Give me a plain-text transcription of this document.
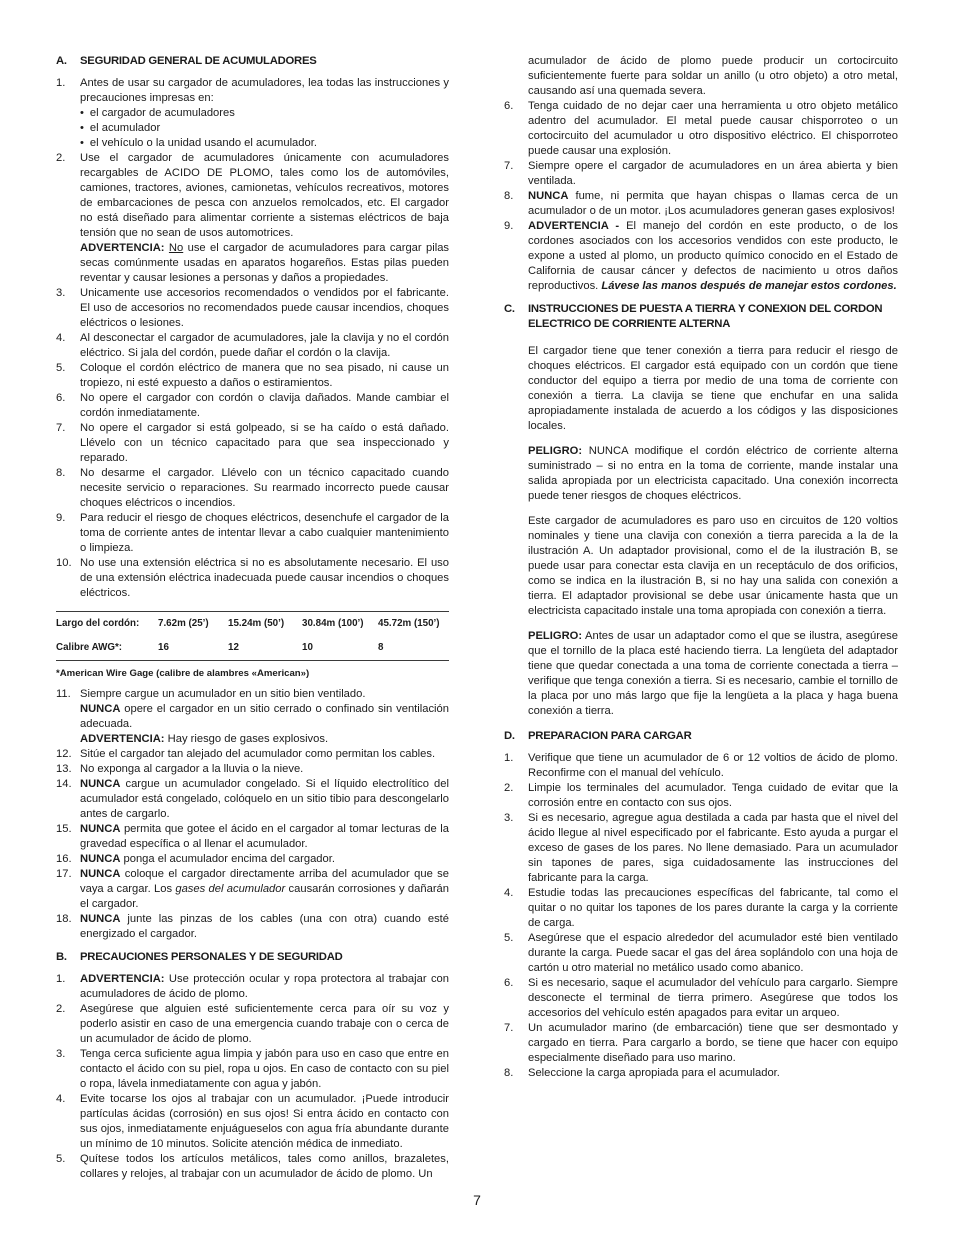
A.	SEGURIDAD GENERAL DE ACUMULADORES
1.	Antes de usar su cargador de acumuladores, lea todas las instrucciones y precauciones impresas en:
• el cargador de acumuladores
• el acumulador
• el vehículo o la unidad usando el acumulador.
2.	Use el cargador de acumuladores únicamente con acumuladores recargables de ACIDO DE PLOMO, tales como los de automóviles, camiones, tractores, aviones, camionetas, vehículos recreativos, motores de embarcaciones de pesca con anzuelos remolcados, etc. El cargador no está diseñado para alimentar corriente a sistemas eléctricos de baja tensión que no sean de usos automotrices.
ADVERTENCIA: No use el cargador de acumuladores para cargar pilas secas comúnmente usadas en aparatos hogareños. Estas pilas pueden reventar y causar lesiones a personas y daños a propiedades.
3.	Unicamente use accesorios recomendados o vendidos por el fabricante. El uso de accesorios no recomendados puede causar incendios, choques eléctricos o lesiones.
4.	Al desconectar el cargador de acumuladores, jale la clavija y no el cordón eléctrico. Si jala del cordón, puede dañar el cordón o la clavija.
5.	Coloque el cordón eléctrico de manera que no sea pisado, ni cause un tropiezo, ni esté expuesto a daños o estiramientos.
6.	No opere el cargador con cordón o clavija dañados. Mande cambiar el cordón inmediatamente.
7.	No opere el cargador si está golpeado, si se ha caído o está dañado. Llévelo con un técnico capacitado para que sea inspeccionado y reparado.
8.	No desarme el cargador. Llévelo con un técnico capacitado cuando necesite servicio o reparaciones. Su rearmado incorrecto puede causar choques eléctricos o incendios.
9.	Para reducir el riesgo de choques eléctricos, desenchufe el cargador de la toma de corriente antes de intentar llevar a cabo cualquier mantenimiento o limpieza.
10. No use una extensión eléctrica si no es absolutamente necesario. El uso de una extensión eléctrica inadecuada puede causar incendios o choques eléctricos.
Largo del cordón:	7.62m (25’)	15.24m (50’)	30.84m (100’)	45.72m (150’)
Calibre AWG*:	16	12	10	8
*American Wire Gage (calibre de alambres «American»)
11. Siempre cargue un acumulador en un sitio bien ventilado.
NUNCA opere el cargador en un sitio cerrado o confinado sin ventilación adecuada.
ADVERTENCIA: Hay riesgo de gases explosivos.
12. Sitúe el cargador tan alejado del acumulador como permitan los cables.
13. No exponga al cargador a la lluvia o la nieve.
14. NUNCA cargue un acumulador congelado. Si el líquido electrolítico del acumulador está congelado, colóquelo en un sitio tibio para descongelarlo antes de cargarlo.
15. NUNCA permita que gotee el ácido en el cargador al tomar lecturas de la gravedad específica o al llenar el acumulador.
16. NUNCA ponga el acumulador encima del cargador.
17. NUNCA coloque el cargador directamente arriba del acumulador que se vaya a cargar. Los gases del acumulador causarán corrosiones y dañarán el cargador.
18. NUNCA junte las pinzas de los cables (una con otra) cuando esté energizado el cargador.
B.	PRECAUCIONES PERSONALES Y DE SEGURIDAD
1.	ADVERTENCIA: Use protección ocular y ropa protectora al trabajar con acumuladores de ácido de plomo.
2.	Asegúrese que alguien esté suficientemente cerca para oír su voz y poderlo asistir en caso de una emergencia cuando trabaje con o cerca de un acumulador de ácido de plomo.
3.	Tenga cerca suficiente agua limpia y jabón para uso en caso que entre en contacto el ácido con su piel, ropa u ojos. En caso de contacto con su piel o ropa, lávela inmediatamente con agua y jabón.
4.	Evite tocarse los ojos al trabajar con un acumulador. ¡Puede introducir partículas ácidas (corrosión) en sus ojos! Si entra ácido en contacto con sus ojos, inmediatamente enjuágueselos con agua fría abundante durante un mínimo de 10 minutos. Solicite atención médica de inmediato.
5.	Quítese todos los artículos metálicos, tales como anillos, brazaletes, collares y relojes, al trabajar con un acumulador de ácido de plomo. Un
acumulador de ácido de plomo puede producir un cortocircuito suficientemente fuerte para soldar un anillo (u otro objeto) a otro metal, causando así una quemada severa.
6.	Tenga cuidado de no dejar caer una herramienta u otro objeto metálico adentro del acumulador. El metal puede causar chisporroteo o un cortocircuito del acumulador u otro dispositivo eléctrico. El chisporroteo puede causar una explosión.
7.	Siempre opere el cargador de acumuladores en un área abierta y bien ventilada.
8.	NUNCA fume, ni permita que hayan chispas o llamas cerca de un acumulador o de un motor. ¡Los acumuladores generan gases explosivos!
9.	ADVERTENCIA - El manejo del cordón en este producto, o de los cordones asociados con los accesorios vendidos con este producto, le expone a usted al plomo, un producto químico conocido en el Estado de California de causar cáncer y defectos de nacimiento u otros daños reproductivos. Lávese las manos después de manejar estos cordones.
C.	INSTRUCCIONES DE PUESTA A TIERRA Y CONEXION DEL CORDON ELECTRICO DE CORRIENTE ALTERNA
El cargador tiene que tener conexión a tierra para reducir el riesgo de choques eléctricos. El cargador está equipado con un cordón que tiene conductor del equipo a tierra por medio de una toma de corriente con conexión a tierra. La clavija se tiene que enchufar en una salida apropiadamente instalada de acuerdo a los códigos y las disposiciones locales.
PELIGRO: NUNCA modifique el cordón eléctrico de corriente alterna suministrado – si no entra en la toma de corriente, mande instalar una salida apropiada por un electricista capacitado. Una conexión incorrecta puede tener riesgos de choques eléctricos.
Este cargador de acumuladores es paro uso en circuitos de 120 voltios nominales y tiene una clavija con conexión a tierra parecida a la de la ilustración A. Un adaptador provisional, como el de la ilustración B, se puede usar para conectar esta clavija en un receptáculo de dos orificios, como se indica en la ilustración B, si no hay una salida con conexión a tierra. El adaptador provisional se debe usar únicamente hasta que un electricista capacitado instale una toma apropiada con conexión a tierra.
PELIGRO: Antes de usar un adaptador como el que se ilustra, asegúrese que el tornillo de la placa esté haciendo tierra. La lengüeta del adaptador tiene que quedar conectada a una toma de corriente conectada a tierra – verifique que tenga conexión a tierra. Si es necesario, cambie el tornillo de la placa por uno más largo que fije la lengüeta a la placa y haga buena conexión a tierra.
D.	PREPARACION PARA CARGAR
1.	Verifique que tiene un acumulador de 6 or 12 voltios de ácido de plomo. Reconfirme con el manual del vehículo.
2.	Limpie los terminales del acumulador. Tenga cuidado de evitar que la corrosión entre en contacto con sus ojos.
3.	Si es necesario, agregue agua destilada a cada par hasta que el nivel del ácido llegue al nivel especificado por el fabricante. Esto ayuda a purgar el exceso de gases de los pares. No llene demasiado. Para un acumulador sin tapones de pares, siga cuidadosamente las instrucciones del fabricante para la carga.
4.	Estudie todas las precauciones específicas del fabricante, tal como el quitar o no quitar los tapones de los pares durante la carga y la corriente de carga.
5.	Asegúrese que el espacio alrededor del acumulador esté bien ventilado durante la carga. Puede sacar el gas del área soplándolo con una hoja de cartón u otro material no metálico usado como abanico.
6.	Si es necesario, saque el acumulador del vehículo para cargarlo. Siempre desconecte el terminal de tierra primero. Asegúrese que todos los accesorios del vehículo estén apagados para evitar un arqueo.
7.	Un acumulador marino (de embarcación) tiene que ser desmontado y cargado en tierra. Para cargarlo a bordo, se tiene que hacer con equipo especialmente diseñado para uso marino.
8.	Seleccione la carga apropiada para el acumulador.
7
